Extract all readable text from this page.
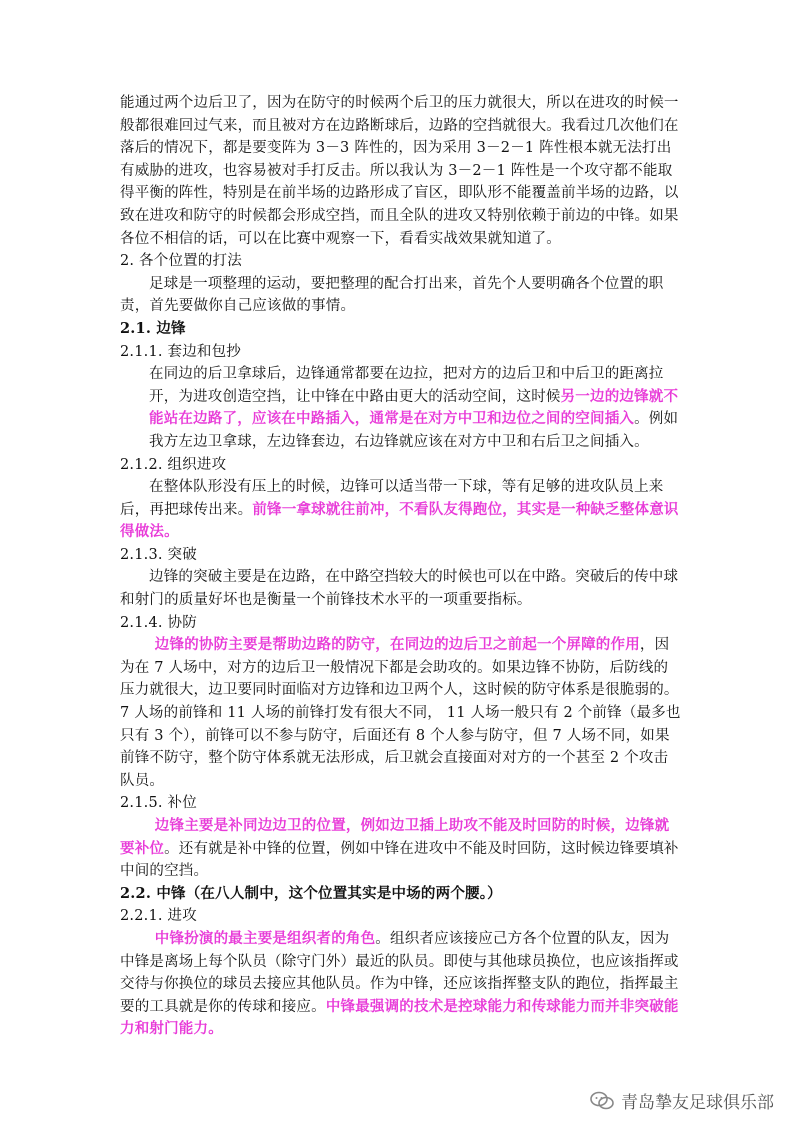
能通过两个边后卫了，因为在防守的时候两个后卫的压力就很大，所以在进攻的时候一般都很难回过气来，而且被对方在边路断球后，边路的空挡就很大。我看过几次他们在落后的情况下，都是要变阵为 3－3 阵性的，因为采用 3－2－1 阵性根本就无法打出有威胁的进攻，也容易被对手打反击。所以我认为 3－2－1 阵性是一个攻守都不能取得平衡的阵性，特别是在前半场的边路形成了盲区，即队形不能覆盖前半场的边路，以致在进攻和防守的时候都会形成空挡，而且全队的进攻又特别依赖于前边的中锋。如果各位不相信的话，可以在比赛中观察一下，看看实战效果就知道了。

2. 各个位置的打法

足球是一项整理的运动，要把整理的配合打出来，首先个人要明确各个位置的职责，首先要做你自己应该做的事情。

2.1. 边锋

2.1.1. 套边和包抄

在同边的后卫拿球后，边锋通常都要在边拉，把对方的边后卫和中后卫的距离拉开，为进攻创造空挡，让中锋在中路由更大的活动空间，这时候另一边的边锋就不能站在边路了，应该在中路插入，通常是在对方中卫和边位之间的空间插入。例如我方左边卫拿球，左边锋套边，右边锋就应该在对方中卫和右后卫之间插入。

2.1.2. 组织进攻

在整体队形没有压上的时候，边锋可以适当带一下球，等有足够的进攻队员上来后，再把球传出来。前锋一拿球就往前冲，不看队友得跑位，其实是一种缺乏整体意识得做法。

2.1.3. 突破

边锋的突破主要是在边路，在中路空挡较大的时候也可以在中路。突破后的传中球和射门的质量好坏也是衡量一个前锋技术水平的一项重要指标。

2.1.4. 协防

边锋的协防主要是帮助边路的防守，在同边的边后卫之前起一个屏障的作用，因为在 7 人场中，对方的边后卫一般情况下都是会助攻的。如果边锋不协防，后防线的压力就很大，边卫要同时面临对方边锋和边卫两个人，这时候的防守体系是很脆弱的。7 人场的前锋和 11 人场的前锋打发有很大不同， 11 人场一般只有 2 个前锋（最多也只有 3 个），前锋可以不参与防守，后面还有 8 个人参与防守，但 7 人场不同，如果前锋不防守，整个防守体系就无法形成，后卫就会直接面对对方的一个甚至 2 个攻击队员。

2.1.5. 补位

边锋主要是补同边边卫的位置，例如边卫插上助攻不能及时回防的时候，边锋就要补位。还有就是补中锋的位置，例如中锋在进攻中不能及时回防，这时候边锋要填补中间的空挡。

2.2. 中锋（在八人制中，这个位置其实是中场的两个腰。）

2.2.1. 进攻

中锋扮演的最主要是组织者的角色。组织者应该接应己方各个位置的队友，因为中锋是离场上每个队员（除守门外）最近的队员。即使与其他球员换位，也应该指挥或交待与你换位的球员去接应其他队员。作为中锋，还应该指挥整支队的跑位，指挥最主要的工具就是你的传球和接应。中锋最强调的技术是控球能力和传球能力而并非突破能力和射门能力。

青岛摯友足球俱乐部
